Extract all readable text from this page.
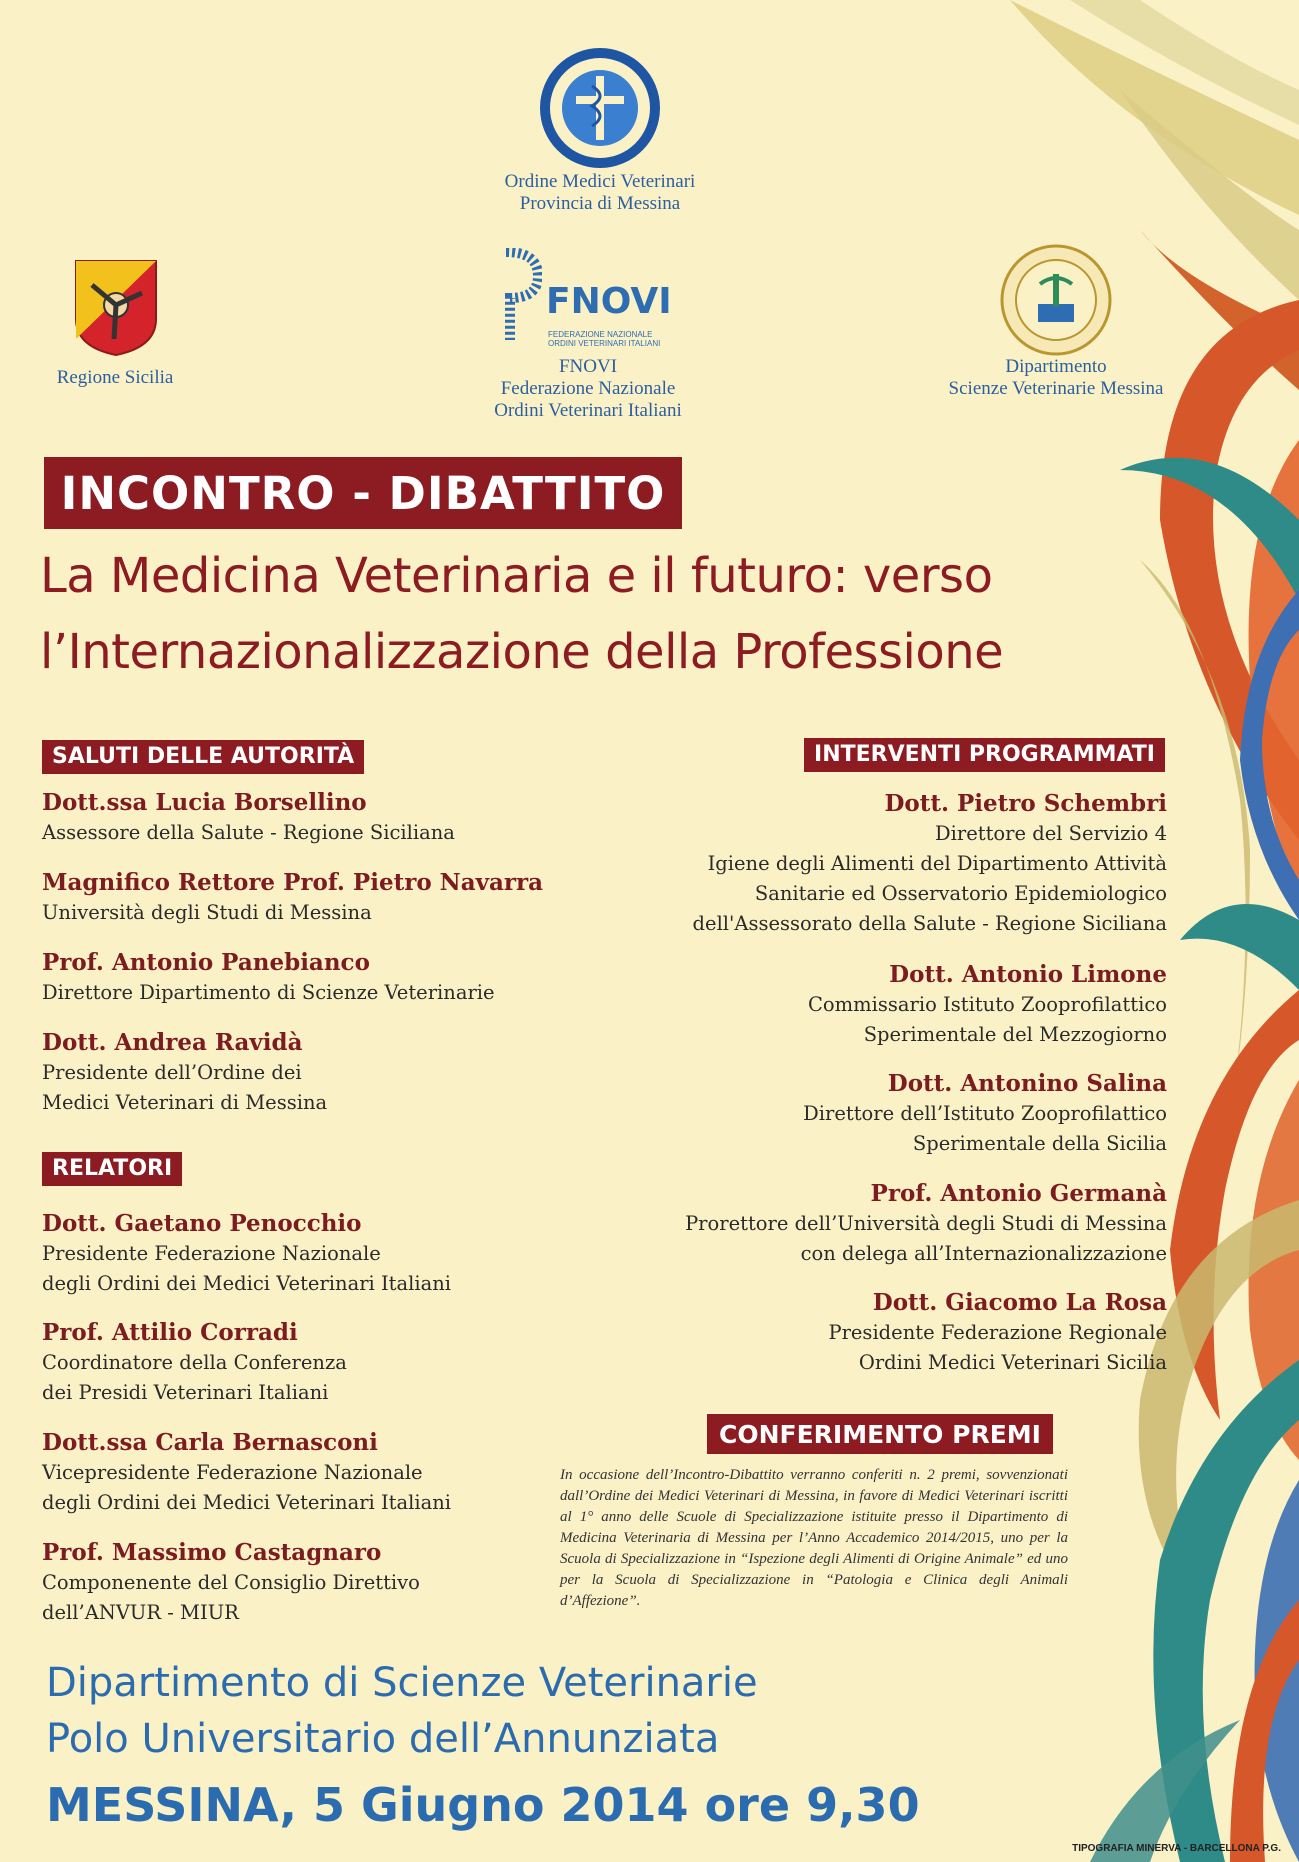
Ordine Medici Veterinari
Provincia di Messina
Regione Sicilia
FNOVI
FEDERAZIONE NAZIONALE
ORDINI VETERINARI ITALIANI
FNOVI
Federazione Nazionale
Ordini Veterinari Italiani
Dipartimento
Scienze Veterinarie Messina
INCONTRO - DIBATTITO
La Medicina Veterinaria e il futuro: verso
l’Internazionalizzazione della Professione
SALUTI DELLE AUTORITÀ
Dott.ssa Lucia Borsellino
Assessore della Salute - Regione Siciliana
Magnifico Rettore Prof. Pietro Navarra
Università degli Studi di Messina
Prof. Antonio Panebianco
Direttore Dipartimento di Scienze Veterinarie
Dott. Andrea Ravidà
Presidente dell’Ordine dei
Medici Veterinari di Messina
RELATORI
Dott. Gaetano Penocchio
Presidente Federazione Nazionale
degli Ordini dei Medici Veterinari Italiani
Prof. Attilio Corradi
Coordinatore della Conferenza
dei Presidi Veterinari Italiani
Dott.ssa Carla Bernasconi
Vicepresidente Federazione Nazionale
degli Ordini dei Medici Veterinari Italiani
Prof. Massimo Castagnaro
Componenente del Consiglio Direttivo
dell’ANVUR - MIUR
INTERVENTI PROGRAMMATI
Dott. Pietro Schembri
Direttore del Servizio 4
Igiene degli Alimenti del Dipartimento Attività
Sanitarie ed Osservatorio Epidemiologico
dell'Assessorato della Salute - Regione Siciliana
Dott. Antonio Limone
Commissario Istituto Zooprofilattico
Sperimentale del Mezzogiorno
Dott. Antonino Salina
Direttore dell’Istituto Zooprofilattico
Sperimentale della Sicilia
Prof. Antonio Germanà
Prorettore dell’Università degli Studi di Messina
con delega all’Internazionalizzazione
Dott. Giacomo La Rosa
Presidente Federazione Regionale
Ordini Medici Veterinari Sicilia
CONFERIMENTO PREMI
In occasione dell’Incontro-Dibattito verranno conferiti n. 2 premi, sovvenzionati dall’Ordine dei Medici Veterinari di Messina, in favore di Medici Veterinari iscritti al 1° anno delle Scuole di Specializzazione istituite presso il Dipartimento di Medicina Veterinaria di Messina per l’Anno Accademico 2014/2015, uno per la Scuola di Specializzazione in “Ispezione degli Alimenti di Origine Animale” ed uno per la Scuola di Specializzazione in “Patologia e Clinica degli Animali d’Affezione”.
Dipartimento di Scienze Veterinarie
Polo Universitario dell’Annunziata
MESSINA, 5 Giugno 2014 ore 9,30
TIPOGRAFIA MINERVA - BARCELLONA P.G.
